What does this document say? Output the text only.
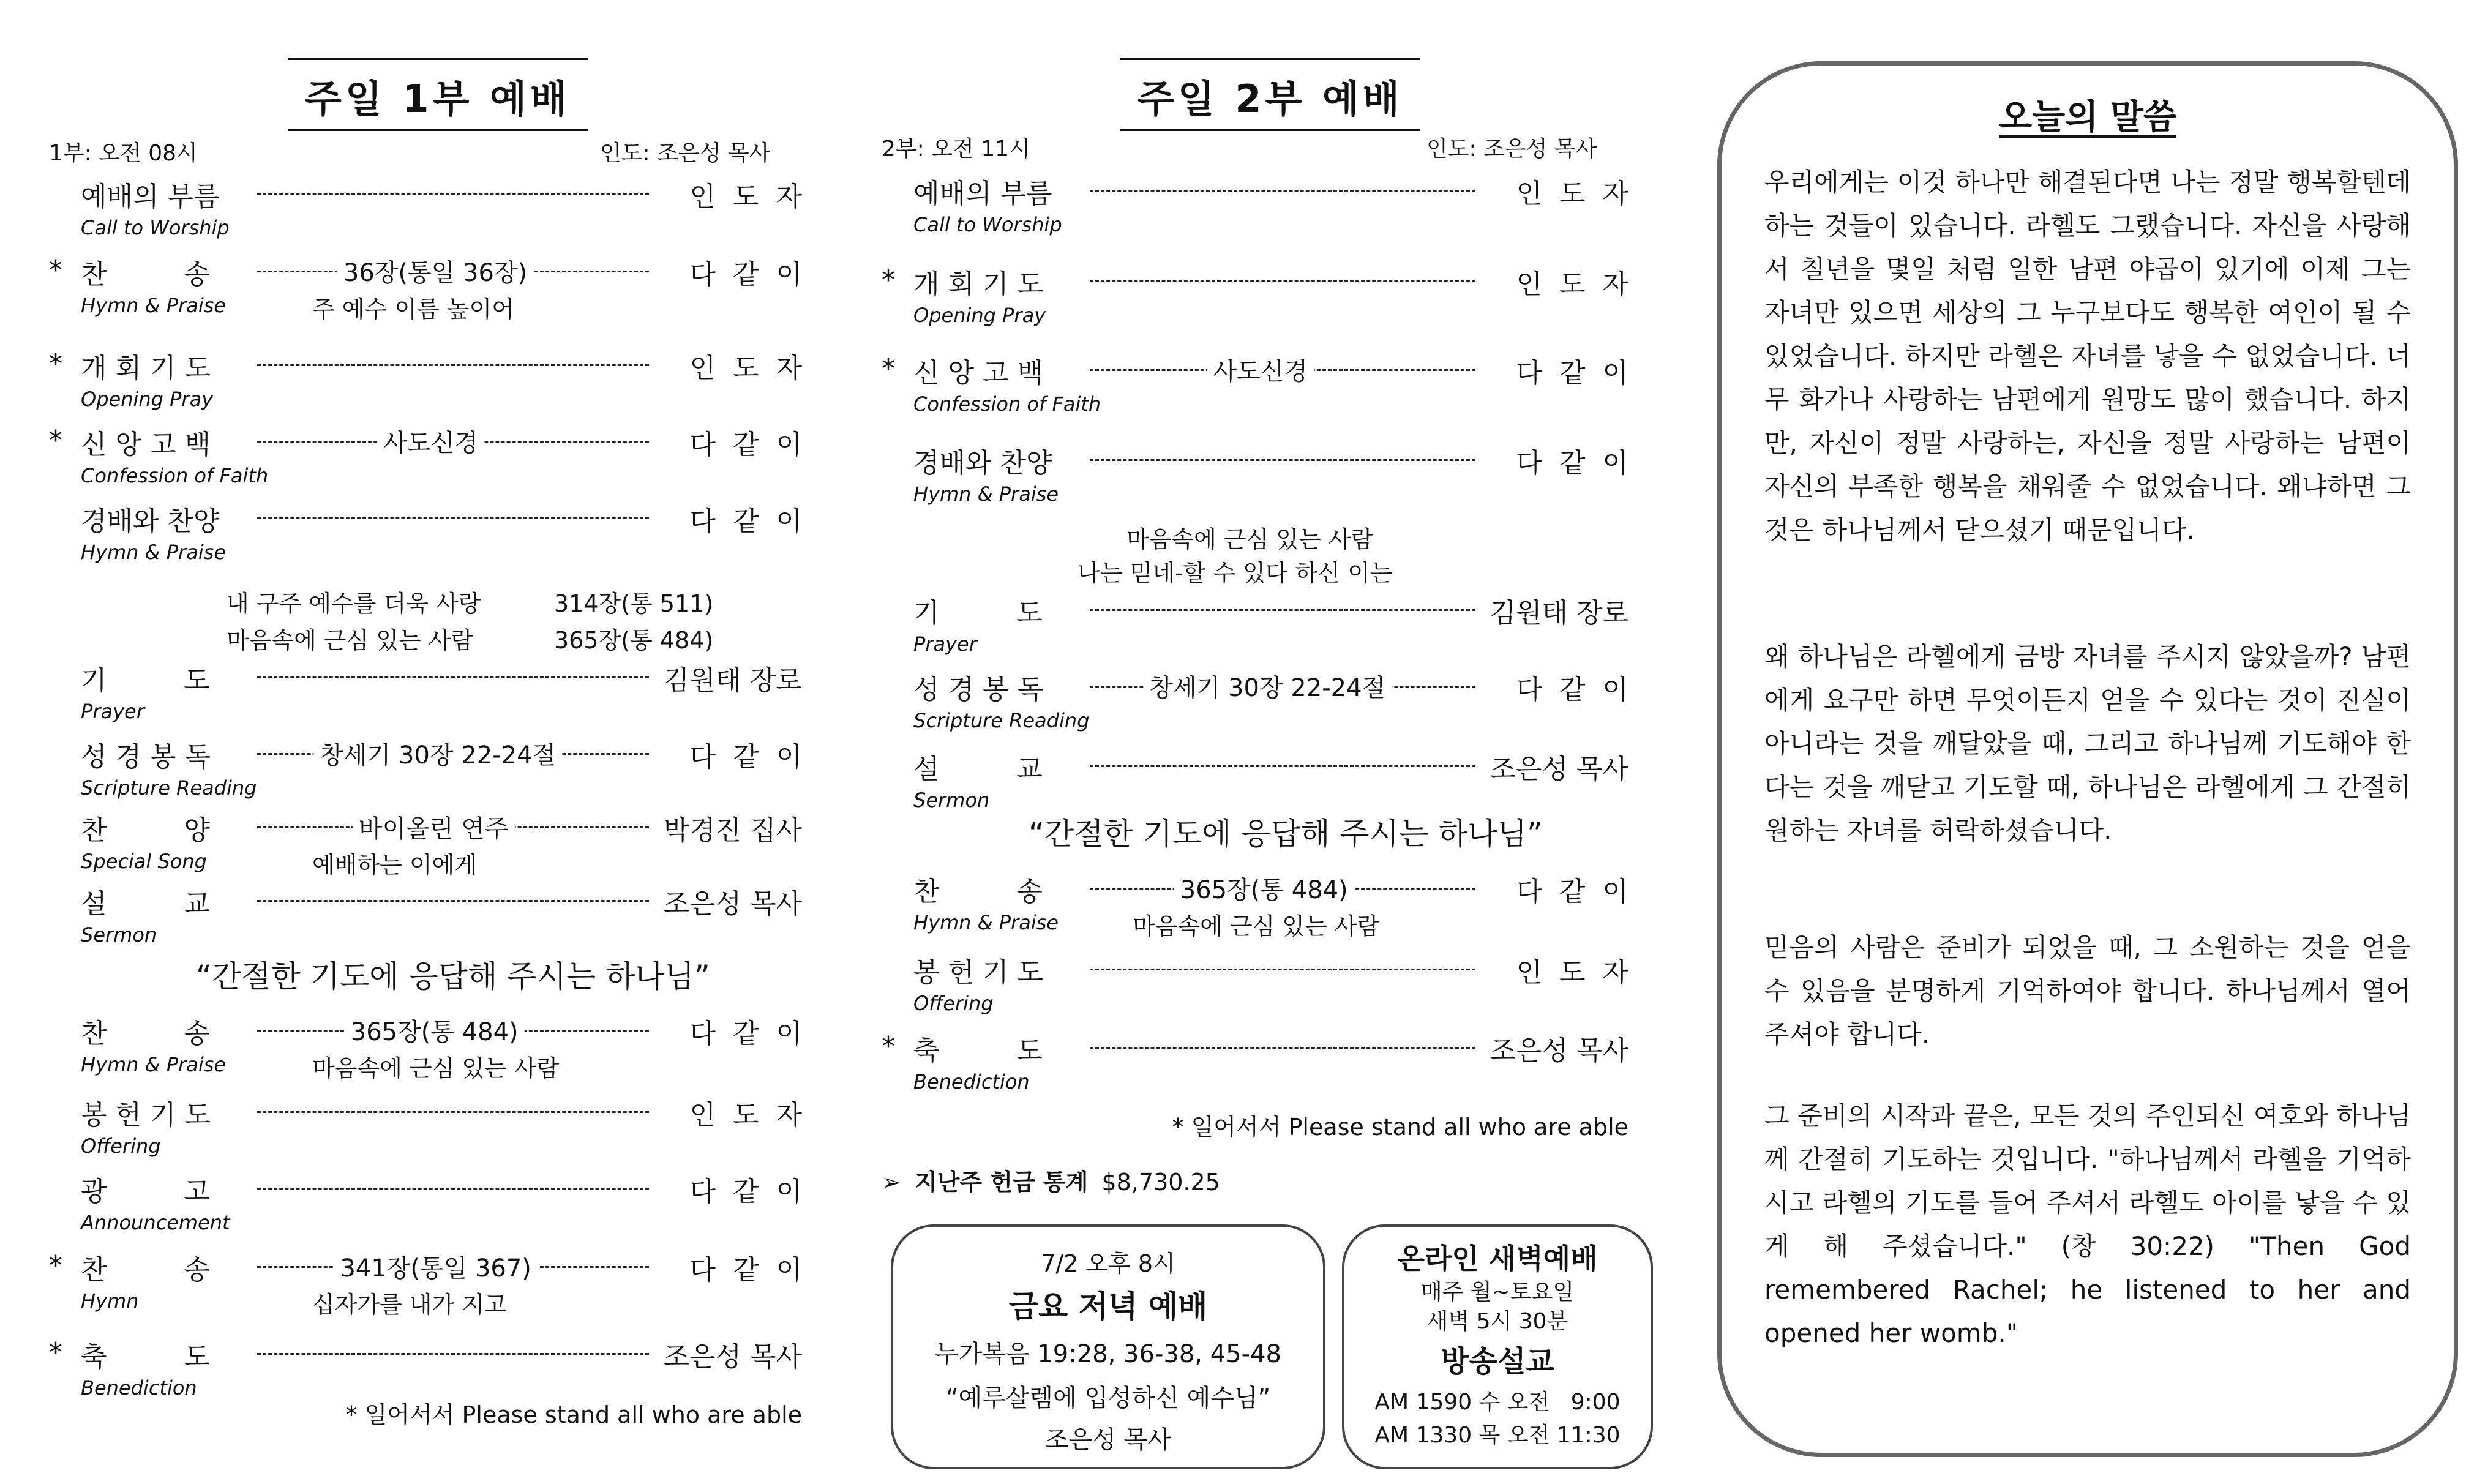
주일 1부 예배
1부: 오전 08시	인도: 조은성 목사
예배의 부름	인  도  자
Call to Worship
* 찬         송	36장(통일 36장)	다  같  이
Hymn & Praise	주 예수 이름 높이어
* 개 회 기 도	인  도  자
Opening Pray
* 신 앙 고 백	사도신경	다  같  이
Confession of Faith
경배와 찬양	다  같  이
Hymn & Praise
기         도	김원태 장로
Prayer
성 경 봉 독	창세기 30장 22-24절	다  같  이
Scripture Reading
찬         양	바이올린 연주	박경진 집사
Special Song	예배하는 이에게
설         교	조은성 목사
Sermon
찬         송	365장(통 484)	다  같  이
Hymn & Praise	마음속에 근심 있는 사람
봉 헌 기 도	인  도  자
Offering
광         고	다  같  이
Announcement
* 찬         송	341장(통일 367)	다  같  이
Hymn	십자가를 내가 지고
* 축         도	조은성 목사
Benediction
내 구주 예수를 더욱 사랑	314장(통 511)
마음속에 근심 있는 사람	365장(통 484)
“간절한 기도에 응답해 주시는 하나님”
* 일어서서 Please stand all who are able
주일 2부 예배
2부: 오전 11시	인도: 조은성 목사
예배의 부름	인  도  자
Call to Worship
* 개 회 기 도	인  도  자
Opening Pray
* 신 앙 고 백	사도신경	다  같  이
Confession of Faith
경배와 찬양	다  같  이
Hymn & Praise
기         도	김원태 장로
Prayer
성 경 봉 독	창세기 30장 22-24절	다  같  이
Scripture Reading
설         교	조은성 목사
Sermon
찬         송	365장(통 484)	다  같  이
Hymn & Praise	마음속에 근심 있는 사람
봉 헌 기 도	인  도  자
Offering
* 축         도	조은성 목사
Benediction
마음속에 근심 있는 사람
나는 믿네-할 수 있다 하신 이는
“간절한 기도에 응답해 주시는 하나님”
* 일어서서 Please stand all who are able
➢ 지난주 헌금 통계 $8,730.25
7/2 오후 8시
금요 저녁 예배
누가복음 19:28, 36-38, 45-48
“예루살렘에 입성하신 예수님”
조은성 목사
온라인 새벽예배
매주 월~토요일
새벽 5시 30분
방송설교
AM 1590 수 오전   9:00
AM 1330 목 오전 11:30
오늘의 말씀
우리에게는 이것 하나만 해결된다면 나는 정말 행복할텐데 하는 것들이 있습니다. 라헬도 그랬습니다. 자신을 사랑해서 칠년을 몇일 처럼 일한 남편 야곱이 있기에 이제 그는 자녀만 있으면 세상의 그 누구보다도 행복한 여인이 될 수 있었습니다. 하지만 라헬은 자녀를 낳을 수 없었습니다. 너무 화가나 사랑하는 남편에게 원망도 많이 했습니다. 하지만, 자신이 정말 사랑하는, 자신을 정말 사랑하는 남편이 자신의 부족한 행복을 채워줄 수 없었습니다. 왜냐하면 그것은 하나님께서 닫으셨기 때문입니다.
왜 하나님은 라헬에게 금방 자녀를 주시지 않았을까? 남편에게 요구만 하면 무엇이든지 얻을 수 있다는 것이 진실이 아니라는 것을 깨달았을 때, 그리고 하나님께 기도해야 한다는 것을 깨닫고 기도할 때, 하나님은 라헬에게 그 간절히 원하는 자녀를 허락하셨습니다.
믿음의 사람은 준비가 되었을 때, 그 소원하는 것을 얻을 수 있음을 분명하게 기억하여야 합니다. 하나님께서 열어 주셔야 합니다.
그 준비의 시작과 끝은, 모든 것의 주인되신 여호와 하나님께 간절히 기도하는 것입니다. "하나님께서 라헬을 기억하시고 라헬의 기도를 들어 주셔서 라헬도 아이를 낳을 수 있게 해 주셨습니다." (창 30:22) "Then God remembered Rachel; he listened to her and opened her womb."
